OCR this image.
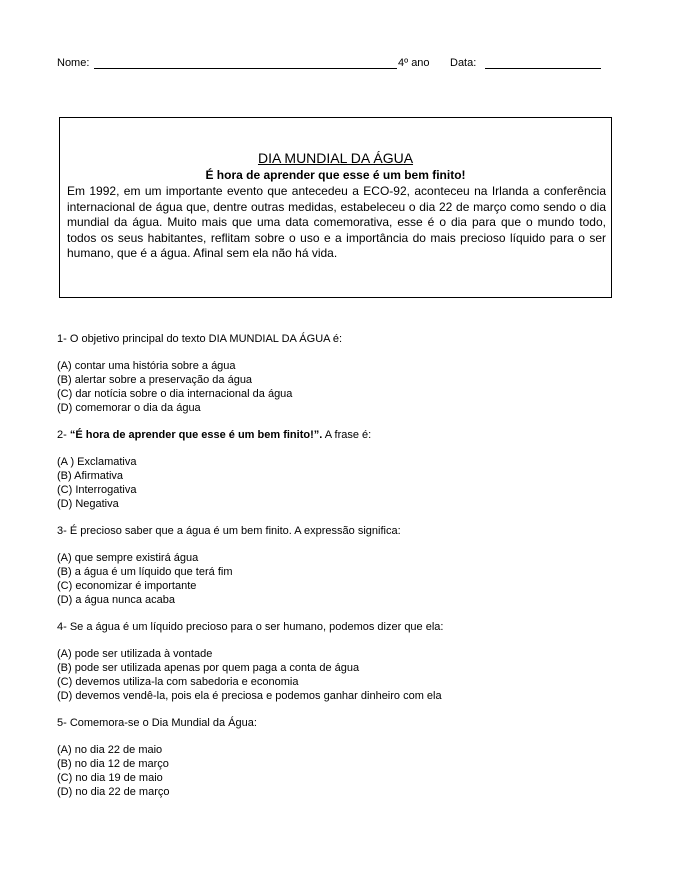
Nome:	4º ano Data:
DIA MUNDIAL DA ÁGUA
É hora de aprender que esse é um bem finito!
Em 1992, em um importante evento que antecedeu a ECO-92, aconteceu na Irlanda a conferência internacional de água que, dentre outras medidas, estabeleceu o dia 22 de março como sendo o dia mundial da água. Muito mais que uma data comemorativa, esse é o dia para que o mundo todo, todos os seus habitantes, reflitam sobre o uso e a importância do mais precioso líquido para o ser humano, que é a água. Afinal sem ela não há vida.

1- O objetivo principal do texto DIA MUNDIAL DA ÁGUA é:

(A) contar uma história sobre a água
(B) alertar sobre a preservação da água
(C) dar notícia sobre o dia internacional da água
(D) comemorar o dia da água

2- “É hora de aprender que esse é um bem finito!”. A frase é:

(A ) Exclamativa
(B) Afirmativa
(C) Interrogativa
(D) Negativa

3- É precioso saber que a água é um bem finito. A expressão significa:

(A) que sempre existirá água
(B) a água é um líquido que terá fim
(C) economizar é importante
(D) a água nunca acaba

4- Se a água é um líquido precioso para o ser humano, podemos dizer que ela:

(A) pode ser utilizada à vontade
(B) pode ser utilizada apenas por quem paga a conta de água
(C) devemos utiliza-la com sabedoria e economia
(D) devemos vendê-la, pois ela é preciosa e podemos ganhar dinheiro com ela

5- Comemora-se o Dia Mundial da Água:

(A) no dia 22 de maio
(B) no dia 12 de março
(C) no dia 19 de maio
(D) no dia 22 de março
